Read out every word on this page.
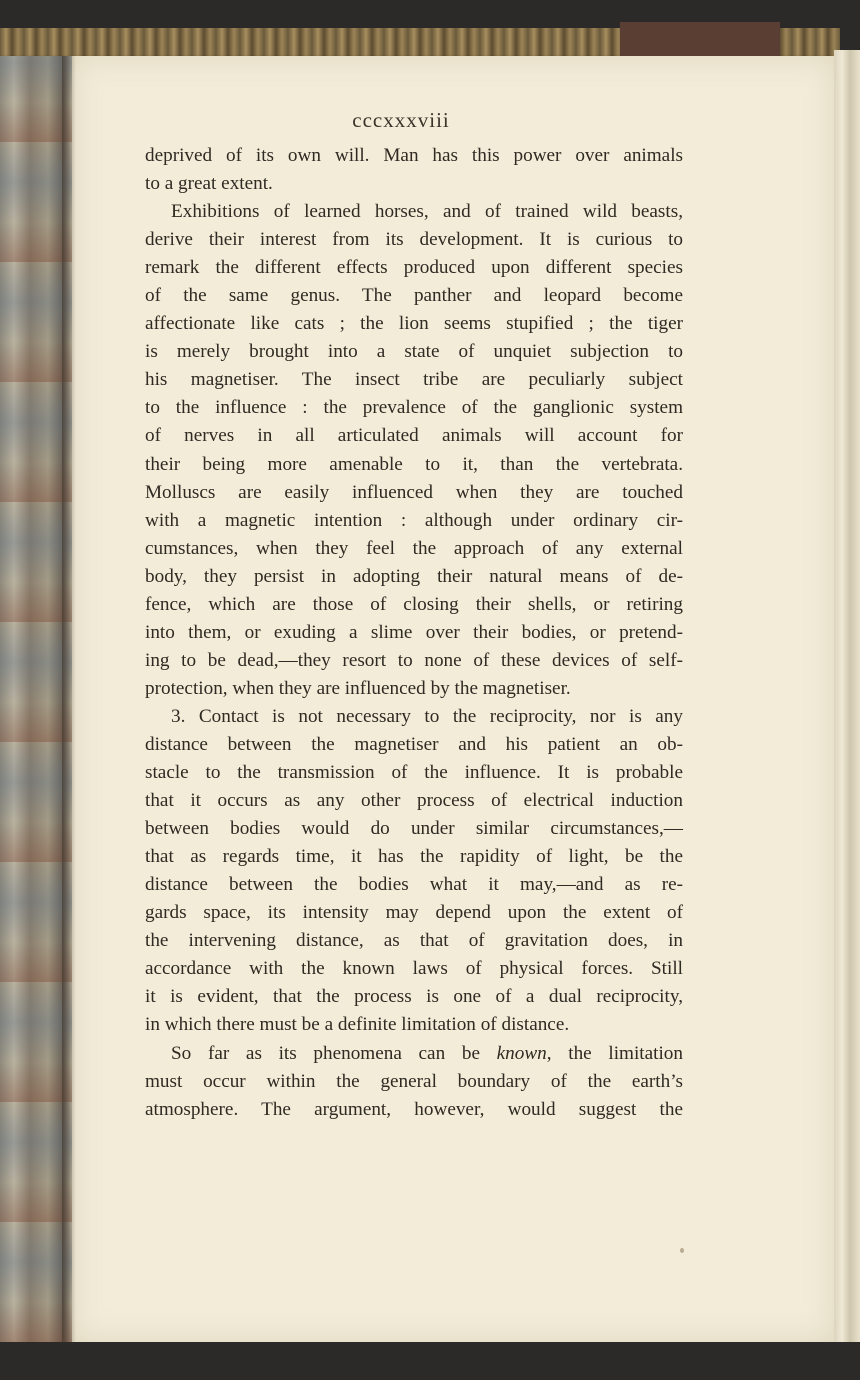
cccxxxviii
deprived of its own will. Man has this power over animals
to a great extent.
Exhibitions of learned horses, and of trained wild beasts,
derive their interest from its development. It is curious to
remark the different effects produced upon different species
of the same genus. The panther and leopard become
affectionate like cats ; the lion seems stupified ; the tiger
is merely brought into a state of unquiet subjection to
his magnetiser. The insect tribe are peculiarly subject
to the influence : the prevalence of the ganglionic system
of nerves in all articulated animals will account for
their being more amenable to it, than the vertebrata.
Molluscs are easily influenced when they are touched
with a magnetic intention : although under ordinary cir-
cumstances, when they feel the approach of any external
body, they persist in adopting their natural means of de-
fence, which are those of closing their shells, or retiring
into them, or exuding a slime over their bodies, or pretend-
ing to be dead,—they resort to none of these devices of self-
protection, when they are influenced by the magnetiser.
3. Contact is not necessary to the reciprocity, nor is any
distance between the magnetiser and his patient an ob-
stacle to the transmission of the influence. It is probable
that it occurs as any other process of electrical induction
between bodies would do under similar circumstances,—
that as regards time, it has the rapidity of light, be the
distance between the bodies what it may,—and as re-
gards space, its intensity may depend upon the extent of
the intervening distance, as that of gravitation does, in
accordance with the known laws of physical forces. Still
it is evident, that the process is one of a dual reciprocity,
in which there must be a definite limitation of distance.
So far as its phenomena can be known, the limitation
must occur within the general boundary of the earth’s
atmosphere. The argument, however, would suggest the
